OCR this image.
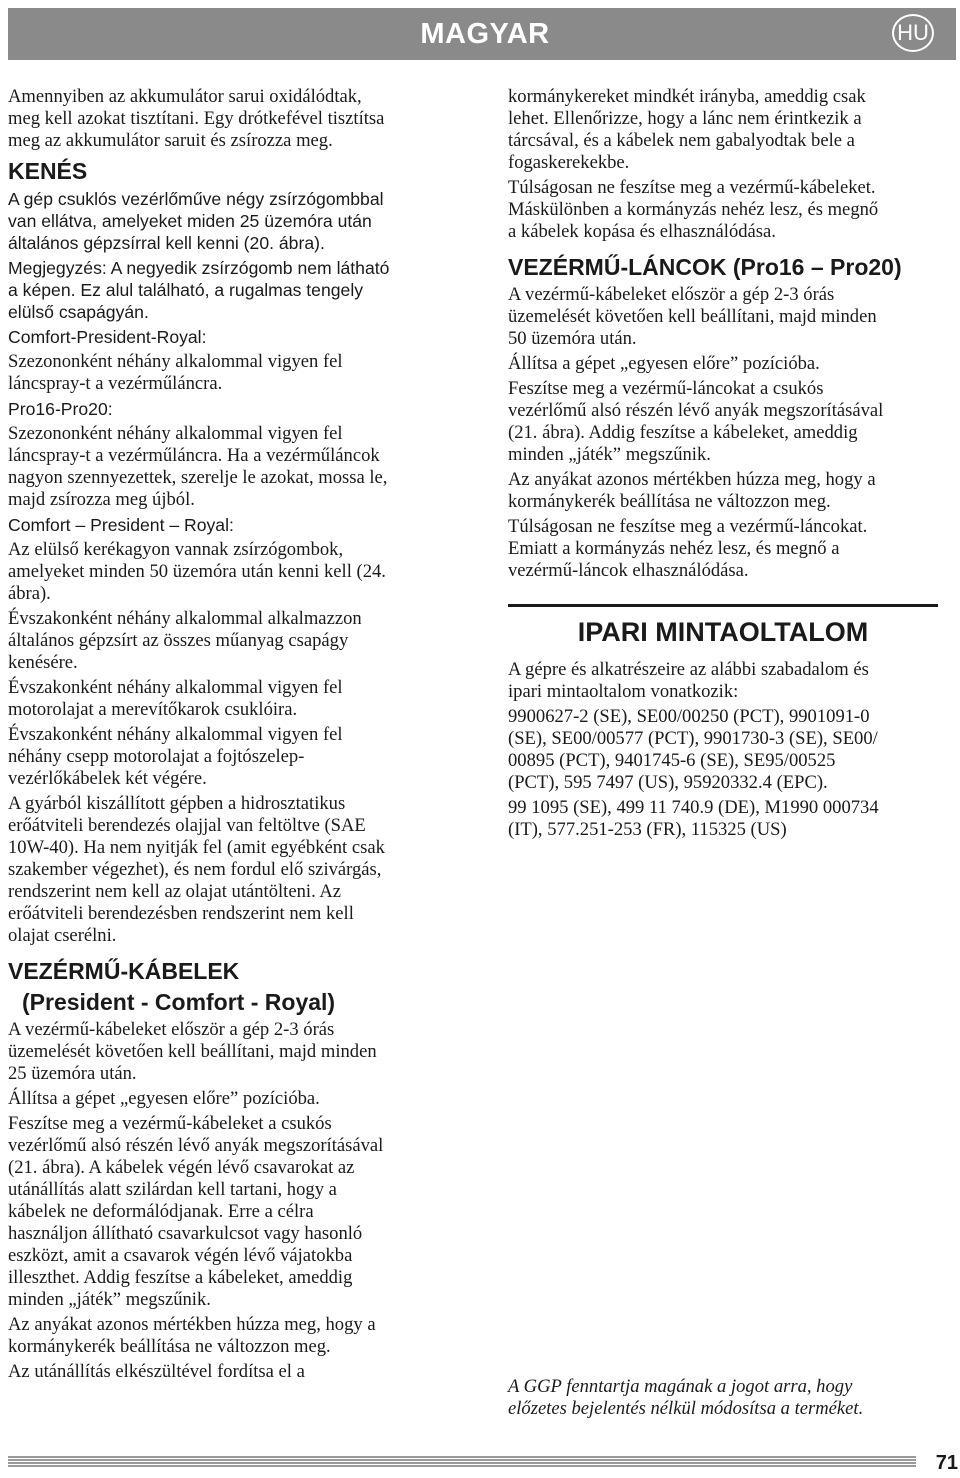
MAGYAR	HU
Amennyiben az akkumulátor sarui oxidálódtak,
meg kell azokat tisztítani. Egy drótkefével tisztítsa
meg az akkumulátor saruit és zsírozza meg.
KENÉS
A gép csuklós vezérlőműve négy zsírzógombbal
van ellátva, amelyeket miden 25 üzemóra után
általános gépzsírral kell kenni (20. ábra).
Megjegyzés: A negyedik zsírzógomb nem látható
a képen. Ez alul található, a rugalmas tengely
elülső csapágyán.
Comfort-President-Royal:
Szezononként néhány alkalommal vigyen fel
láncspray-t a vezérműláncra.
Pro16-Pro20:
Szezononként néhány alkalommal vigyen fel
láncspray-t a vezérműláncra. Ha a vezérműláncok
nagyon szennyezettek, szerelje le azokat, mossa le,
majd zsírozza meg újból.
Comfort – President – Royal:
Az elülső kerékagyon vannak zsírzógombok,
amelyeket minden 50 üzemóra után kenni kell (24.
ábra).
Évszakonként néhány alkalommal alkalmazzon
általános gépzsírt az összes műanyag csapágy
kenésére.
Évszakonként néhány alkalommal vigyen fel
motorolajat a merevítőkarok csuklóira.
Évszakonként néhány alkalommal vigyen fel
néhány csepp motorolajat a fojtószelep-
vezérlőkábelek két végére.
A gyárból kiszállított gépben a hidrosztatikus
erőátviteli berendezés olajjal van feltöltve (SAE
10W-40). Ha nem nyitják fel (amit egyébként csak
szakember végezhet), és nem fordul elő szivárgás,
rendszerint nem kell az olajat utántölteni. Az
erőátviteli berendezésben rendszerint nem kell
olajat cserélni.
VEZÉRMŰ-KÁBELEK
(President - Comfort - Royal)
A vezérmű-kábeleket először a gép 2-3 órás
üzemelését követően kell beállítani, majd minden
25 üzemóra után.
Állítsa a gépet „egyesen előre” pozícióba.
Feszítse meg a vezérmű-kábeleket a csukós
vezérlőmű alsó részén lévő anyák megszorításával
(21. ábra). A kábelek végén lévő csavarokat az
utánállítás alatt szilárdan kell tartani, hogy a
kábelek ne deformálódjanak. Erre a célra
használjon állítható csavarkulcsot vagy hasonló
eszközt, amit a csavarok végén lévő vájatokba
illeszthet. Addig feszítse a kábeleket, ameddig
minden „játék” megszűnik.
Az anyákat azonos mértékben húzza meg, hogy a
kormánykerék beállítása ne változzon meg.
Az utánállítás elkészültével fordítsa el a
kormánykereket mindkét irányba, ameddig csak
lehet. Ellenőrizze, hogy a lánc nem érintkezik a
tárcsával, és a kábelek nem gabalyodtak bele a
fogaskerekekbe.
Túlságosan ne feszítse meg a vezérmű-kábeleket.
Máskülönben a kormányzás nehéz lesz, és megnő
a kábelek kopása és elhasználódása.
VEZÉRMŰ-LÁNCOK (Pro16 – Pro20)
A vezérmű-kábeleket először a gép 2-3 órás
üzemelését követően kell beállítani, majd minden
50 üzemóra után.
Állítsa a gépet „egyesen előre” pozícióba.
Feszítse meg a vezérmű-láncokat a csukós
vezérlőmű alsó részén lévő anyák megszorításával
(21. ábra). Addig feszítse a kábeleket, ameddig
minden „játék” megszűnik.
Az anyákat azonos mértékben húzza meg, hogy a
kormánykerék beállítása ne változzon meg.
Túlságosan ne feszítse meg a vezérmű-láncokat.
Emiatt a kormányzás nehéz lesz, és megnő a
vezérmű-láncok elhasználódása.
IPARI MINTAOLTALOM
A gépre és alkatrészeire az alábbi szabadalom és
ipari mintaoltalom vonatkozik:
9900627-2 (SE), SE00/00250 (PCT), 9901091-0
(SE), SE00/00577 (PCT), 9901730-3 (SE), SE00/
00895 (PCT), 9401745-6 (SE), SE95/00525
(PCT), 595 7497 (US), 95920332.4 (EPC).
99 1095 (SE), 499 11 740.9 (DE), M1990 000734
(IT), 577.251-253 (FR), 115325 (US)
A GGP fenntartja magának a jogot arra, hogy
előzetes bejelentés nélkül módosítsa a terméket.
71
